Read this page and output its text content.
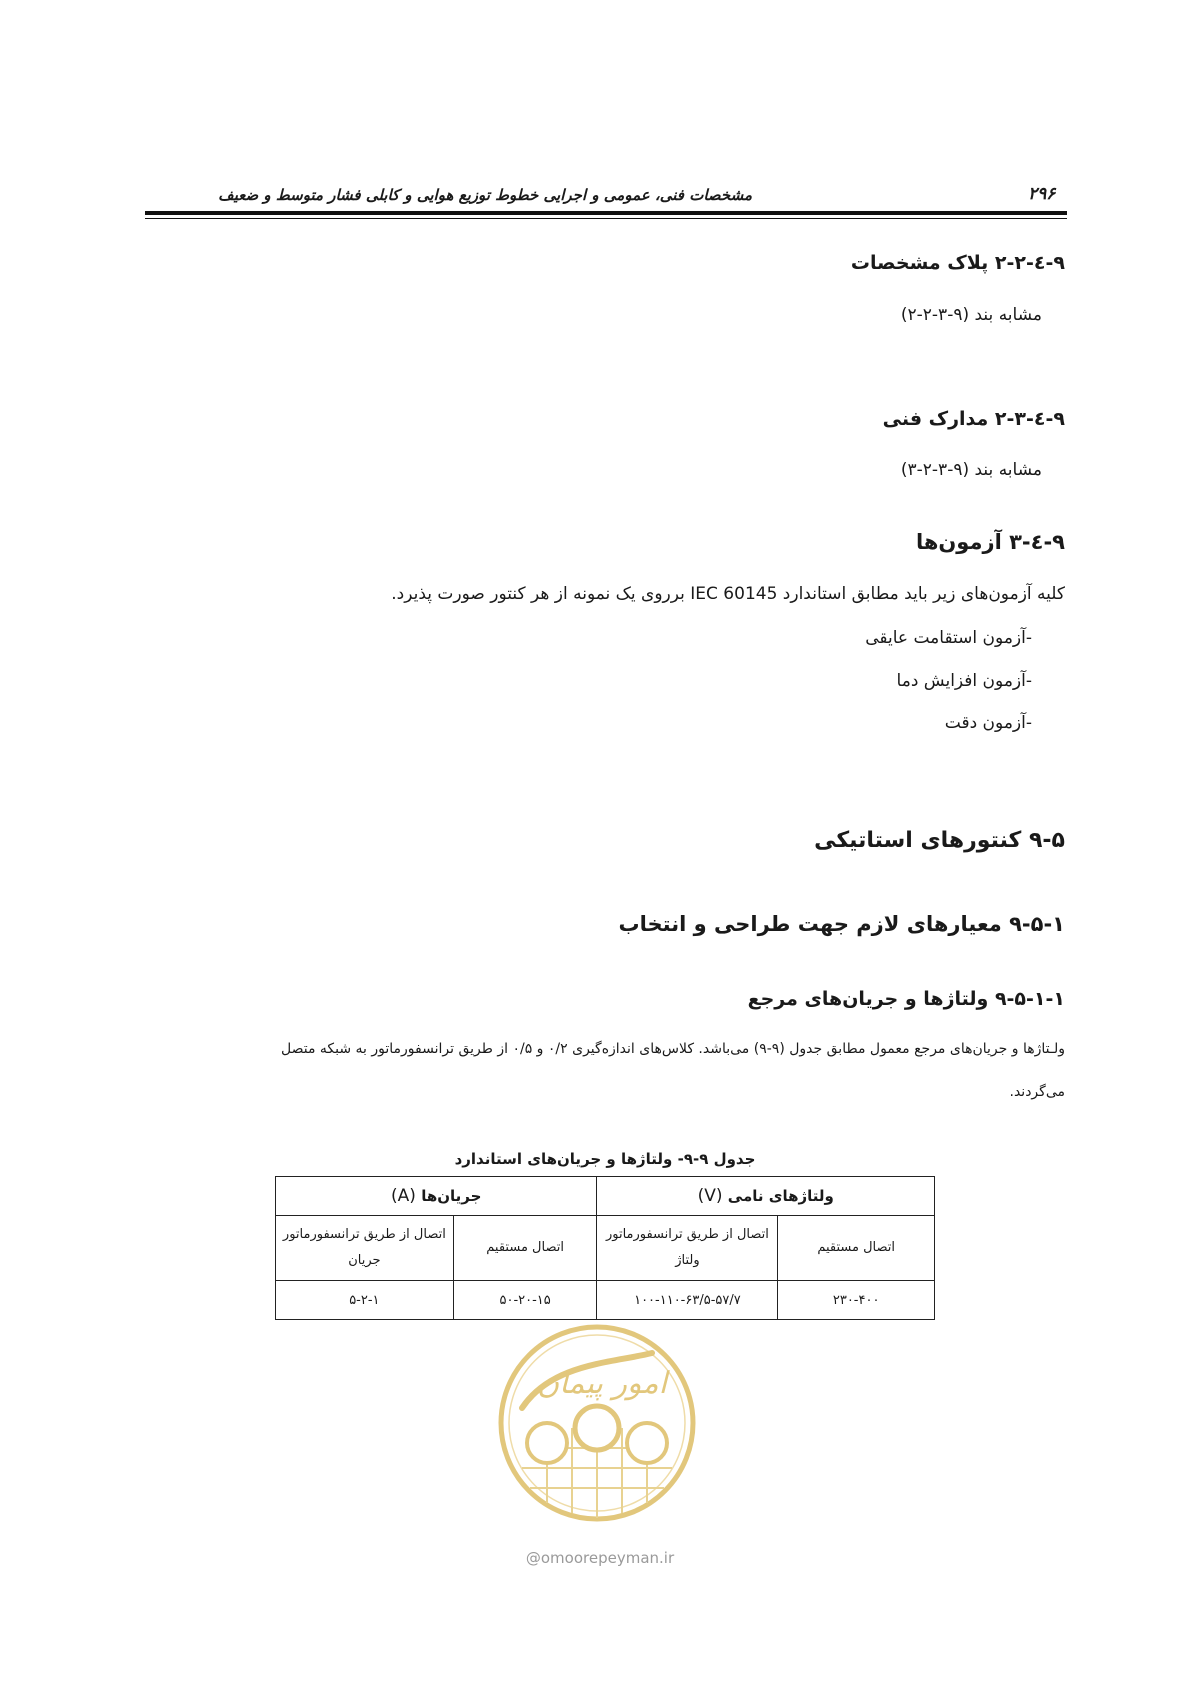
مشخصات فنی، عمومی و اجرایی خطوط توزیع هوایی و کابلی فشار متوسط و ضعیف	۲۹۶
۹-٤-۲-۲ پلاک مشخصات
مشابه بند (۹-۳-۲-۲)
۹-٤-۲-۳ مدارک فنی
مشابه بند (۹-۳-۲-۳)
۹-٤-۳ آزمون‌ها
کلیه آزمون‌های زیر باید مطابق استاندارد IEC 60145 برروی یک نمونه از هر کنتور صورت پذیرد.
-آزمون استقامت عایقی
-آزمون افزایش دما
-آزمون دقت
۹-۵ کنتورهای استاتیکی
۹-۵-۱ معیارهای لازم جهت طراحی و انتخاب
۹-۵-۱-۱ ولتاژها و جریان‌های مرجع
ولـتاژها و جریان‌های مرجع معمول مطابق جدول (۹-۹) می‌باشد. کلاس‌های اندازه‌گیری ۰/۲ و ۰/۵ از طریق ترانسفورماتور به شبکه متصل
می‌گردند.
جدول ۹-۹- ولتاژها و جریان‌های استاندارد
ولتاژهای نامی (V)		جریان‌ها (A)	
اتصال مستقیم	اتصال از طریق ترانسفورماتور ولتاژ	اتصال مستقیم	اتصال از طریق ترانسفورماتور جریان
۲۳۰-۴۰۰	۱۰۰-۱۱۰-۶۳/۵-۵۷/۷	۵۰-۲۰-۱۵	۵-۲-۱
امور پیمان
@omoorepeyman.ir
